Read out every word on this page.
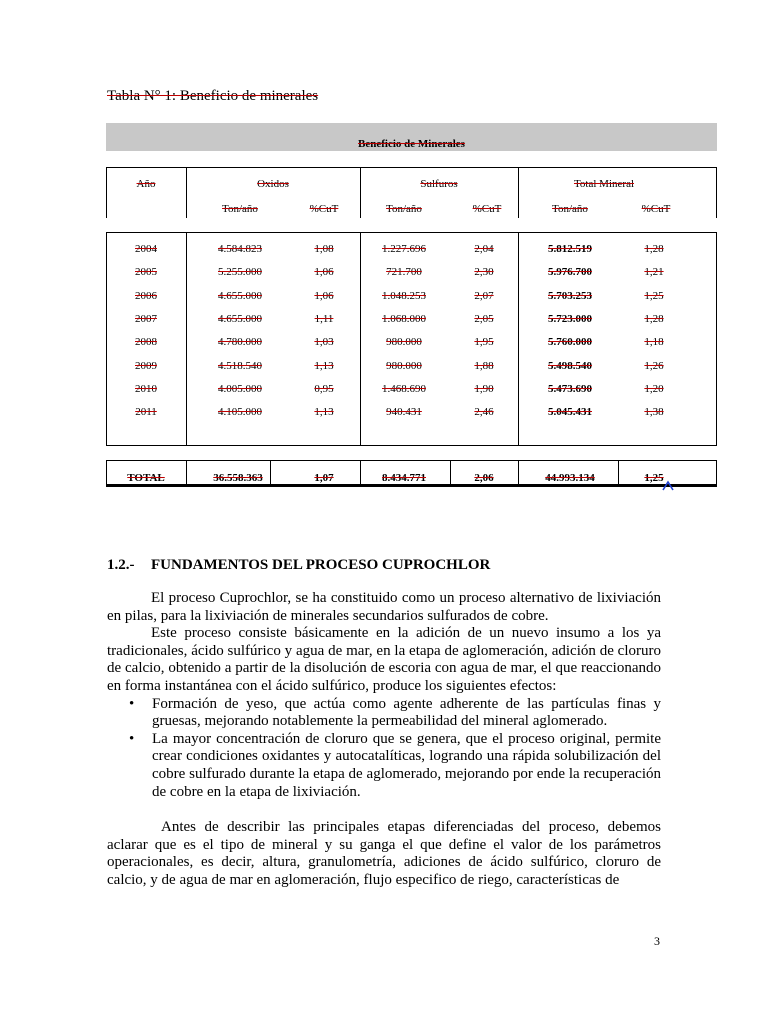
Tabla N° 1: Beneficio de minerales
Beneficio de Minerales
Año	Oxidos	Sulfuros	Total Mineral
Ton/año	%CuT	Ton/año	%CuT	Ton/año	%CuT
2004	4.584.823	1,08	1.227.696	2,04	5.812.519	1,28
2005	5.255.000	1,06	721.700	2,30	5.976.700	1,21
2006	4.655.000	1,06	1.048.253	2,07	5.703.253	1,25
2007	4.655.000	1,11	1.068.000	2,05	5.723.000	1,28
2008	4.780.000	1,03	980.000	1,95	5.760.000	1,18
2009	4.518.540	1,13	980.000	1,88	5.498.540	1,26
2010	4.005.000	0,95	1.468.690	1,90	5.473.690	1,20
2011	4.105.000	1,13	940.431	2,46	5.045.431	1,38
TOTAL	36.558.363	1,07	8.434.771	2,06	44.993.134	1,25
1.2.- FUNDAMENTOS DEL PROCESO CUPROCHLOR

El proceso Cuprochlor, se ha constituido como un proceso alternativo de lixiviación en pilas, para la lixiviación de minerales secundarios sulfurados de cobre.

Este proceso consiste básicamente en la adición de un nuevo insumo a los ya tradicionales, ácido sulfúrico y agua de mar, en la etapa de aglomeración, adición de cloruro de calcio, obtenido a partir de la disolución de escoria con agua de mar, el que reaccionando en forma instantánea con el ácido sulfúrico, produce los siguientes efectos:

• Formación de yeso, que actúa como agente adherente de las partículas finas y gruesas, mejorando notablemente la permeabilidad del mineral aglomerado.
• La mayor concentración de cloruro que se genera, que el proceso original, permite crear condiciones oxidantes y autocatalíticas, logrando una rápida solubilización del cobre sulfurado durante la etapa de aglomerado, mejorando por ende la recuperación de cobre en la etapa de lixiviación.

Antes de describir las principales etapas diferenciadas del proceso, debemos aclarar que es el tipo de mineral y su ganga el que define el valor de los parámetros operacionales, es decir, altura, granulometría, adiciones de ácido sulfúrico, cloruro de calcio, y de agua de mar en aglomeración, flujo especifico de riego, características de

3
